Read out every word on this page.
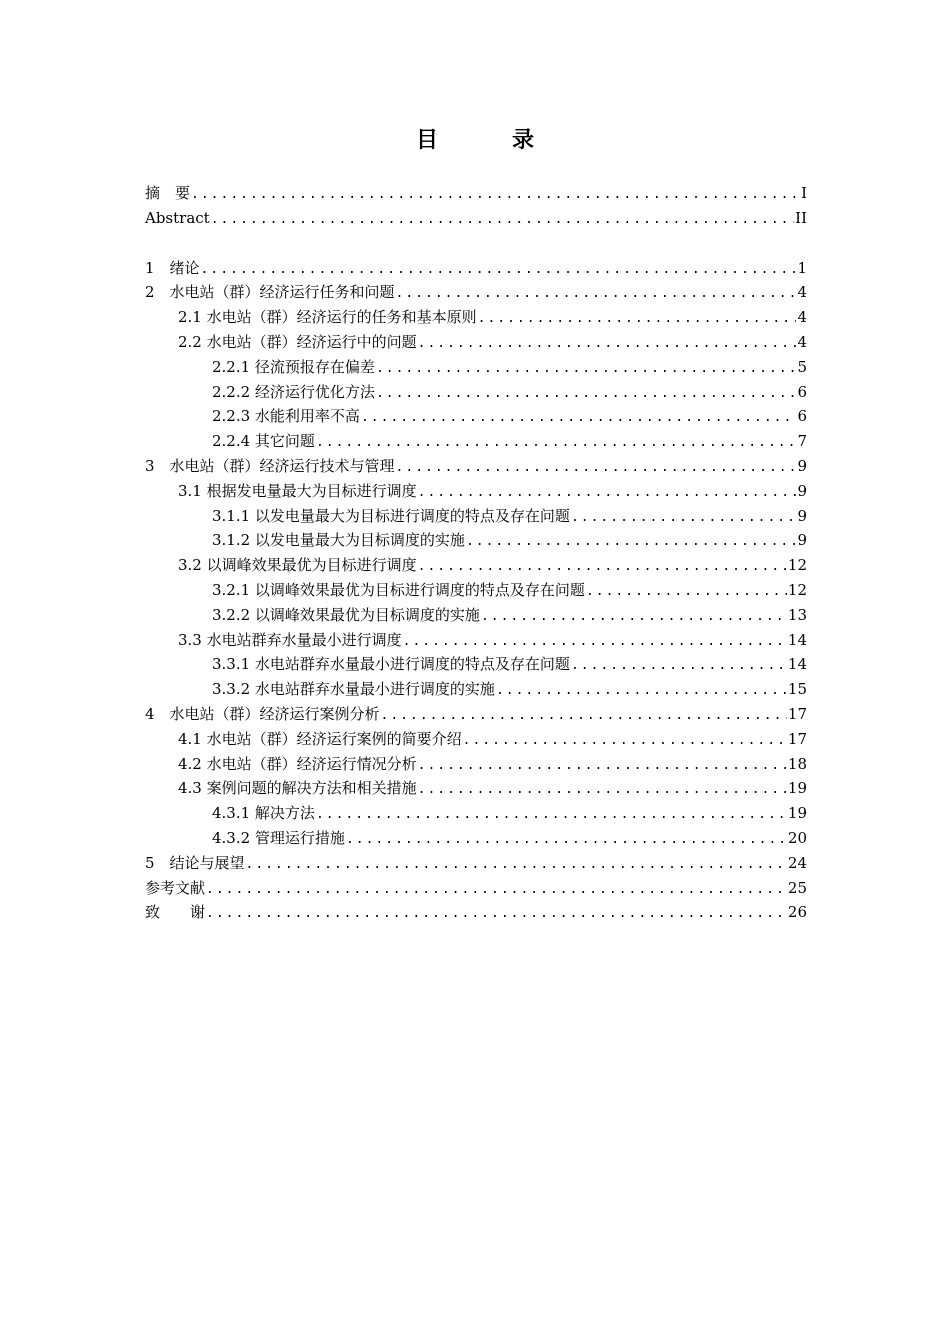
目　录
摘　要 .....	I
Abstract .....	II
1　绪论 .....	1
2　水电站（群）经济运行任务和问题 .....	4
2.1 水电站（群）经济运行的任务和基本原则 .....	4
2.2 水电站（群）经济运行中的问题 .....	4
2.2.1 径流预报存在偏差 .....	5
2.2.2 经济运行优化方法 .....	6
2.2.3 水能利用率不高 .....	6
2.2.4 其它问题 .....	7
3　水电站（群）经济运行技术与管理 .....	9
3.1 根据发电量最大为目标进行调度 .....	9
3.1.1 以发电量最大为目标进行调度的特点及存在问题 .....	9
3.1.2 以发电量最大为目标调度的实施 .....	9
3.2 以调峰效果最优为目标进行调度 .....	12
3.2.1 以调峰效果最优为目标进行调度的特点及存在问题 .....	12
3.2.2 以调峰效果最优为目标调度的实施 .....	13
3.3 水电站群弃水量最小进行调度 .....	14
3.3.1 水电站群弃水量最小进行调度的特点及存在问题 .....	14
3.3.2 水电站群弃水量最小进行调度的实施 .....	15
4　水电站（群）经济运行案例分析 .....	17
4.1 水电站（群）经济运行案例的简要介绍 .....	17
4.2 水电站（群）经济运行情况分析 .....	18
4.3 案例问题的解决方法和相关措施 .....	19
4.3.1 解决方法 .....	19
4.3.2 管理运行措施 .....	20
5　结论与展望 .....	24
参考文献 .....	25
致　　谢 .....	26
